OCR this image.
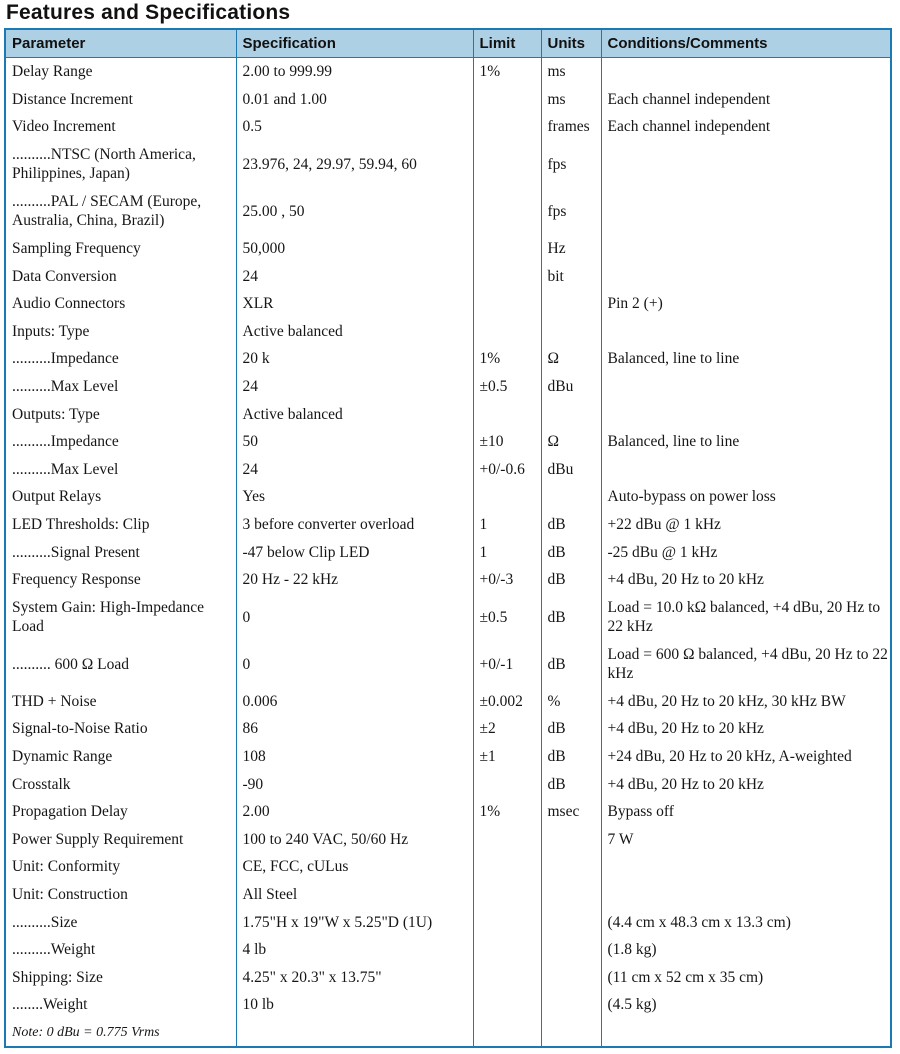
Features and Specifications
Parameter	Specification	Limit	Units	Conditions/Comments
Delay Range	2.00 to 999.99	1%	ms	
Distance Increment	0.01 and 1.00		ms	Each channel independent
Video Increment	0.5		frames	Each channel independent
..........NTSC (North America, Philippines, Japan)	23.976, 24, 29.97, 59.94, 60		fps	
..........PAL / SECAM (Europe, Australia, China, Brazil)	25.00 , 50		fps	
Sampling Frequency	50,000		Hz	
Data Conversion	24		bit	
Audio Connectors	XLR			Pin 2 (+)
Inputs: Type	Active balanced			
..........Impedance	20 k	1%	Ω	Balanced, line to line
..........Max Level	24	±0.5	dBu	
Outputs: Type	Active balanced			
..........Impedance	50	±10	Ω	Balanced, line to line
..........Max Level	24	+0/-0.6	dBu	
Output Relays	Yes			Auto-bypass on power loss
LED Thresholds: Clip	3 before converter overload	1	dB	+22 dBu @ 1 kHz
..........Signal Present	-47 below Clip LED	1	dB	-25 dBu @ 1 kHz
Frequency Response	20 Hz - 22 kHz	+0/-3	dB	+4 dBu, 20 Hz to 20 kHz
System Gain: High-Impedance Load	0	±0.5	dB	Load = 10.0 kΩ balanced, +4 dBu, 20 Hz to 22 kHz
.......... 600 Ω Load	0	+0/-1	dB	Load = 600 Ω balanced, +4 dBu, 20 Hz to 22 kHz
THD + Noise	0.006	±0.002	%	+4 dBu, 20 Hz to 20 kHz, 30 kHz BW
Signal-to-Noise Ratio	86	±2	dB	+4 dBu, 20 Hz to 20 kHz
Dynamic Range	108	±1	dB	+24 dBu, 20 Hz to 20 kHz, A-weighted
Crosstalk	-90		dB	+4 dBu, 20 Hz to 20 kHz
Propagation Delay	2.00	1%	msec	Bypass off
Power Supply Requirement	100 to 240 VAC, 50/60 Hz			7 W
Unit: Conformity	CE, FCC, cULus			
Unit: Construction	All Steel			
..........Size	1.75"H x 19"W x 5.25"D (1U)			(4.4 cm x 48.3 cm x 13.3 cm)
..........Weight	4 lb			(1.8 kg)
Shipping: Size	4.25" x 20.3" x 13.75"			(11 cm x 52 cm x 35 cm)
........Weight	10 lb			(4.5 kg)
Note: 0 dBu = 0.775 Vrms				
